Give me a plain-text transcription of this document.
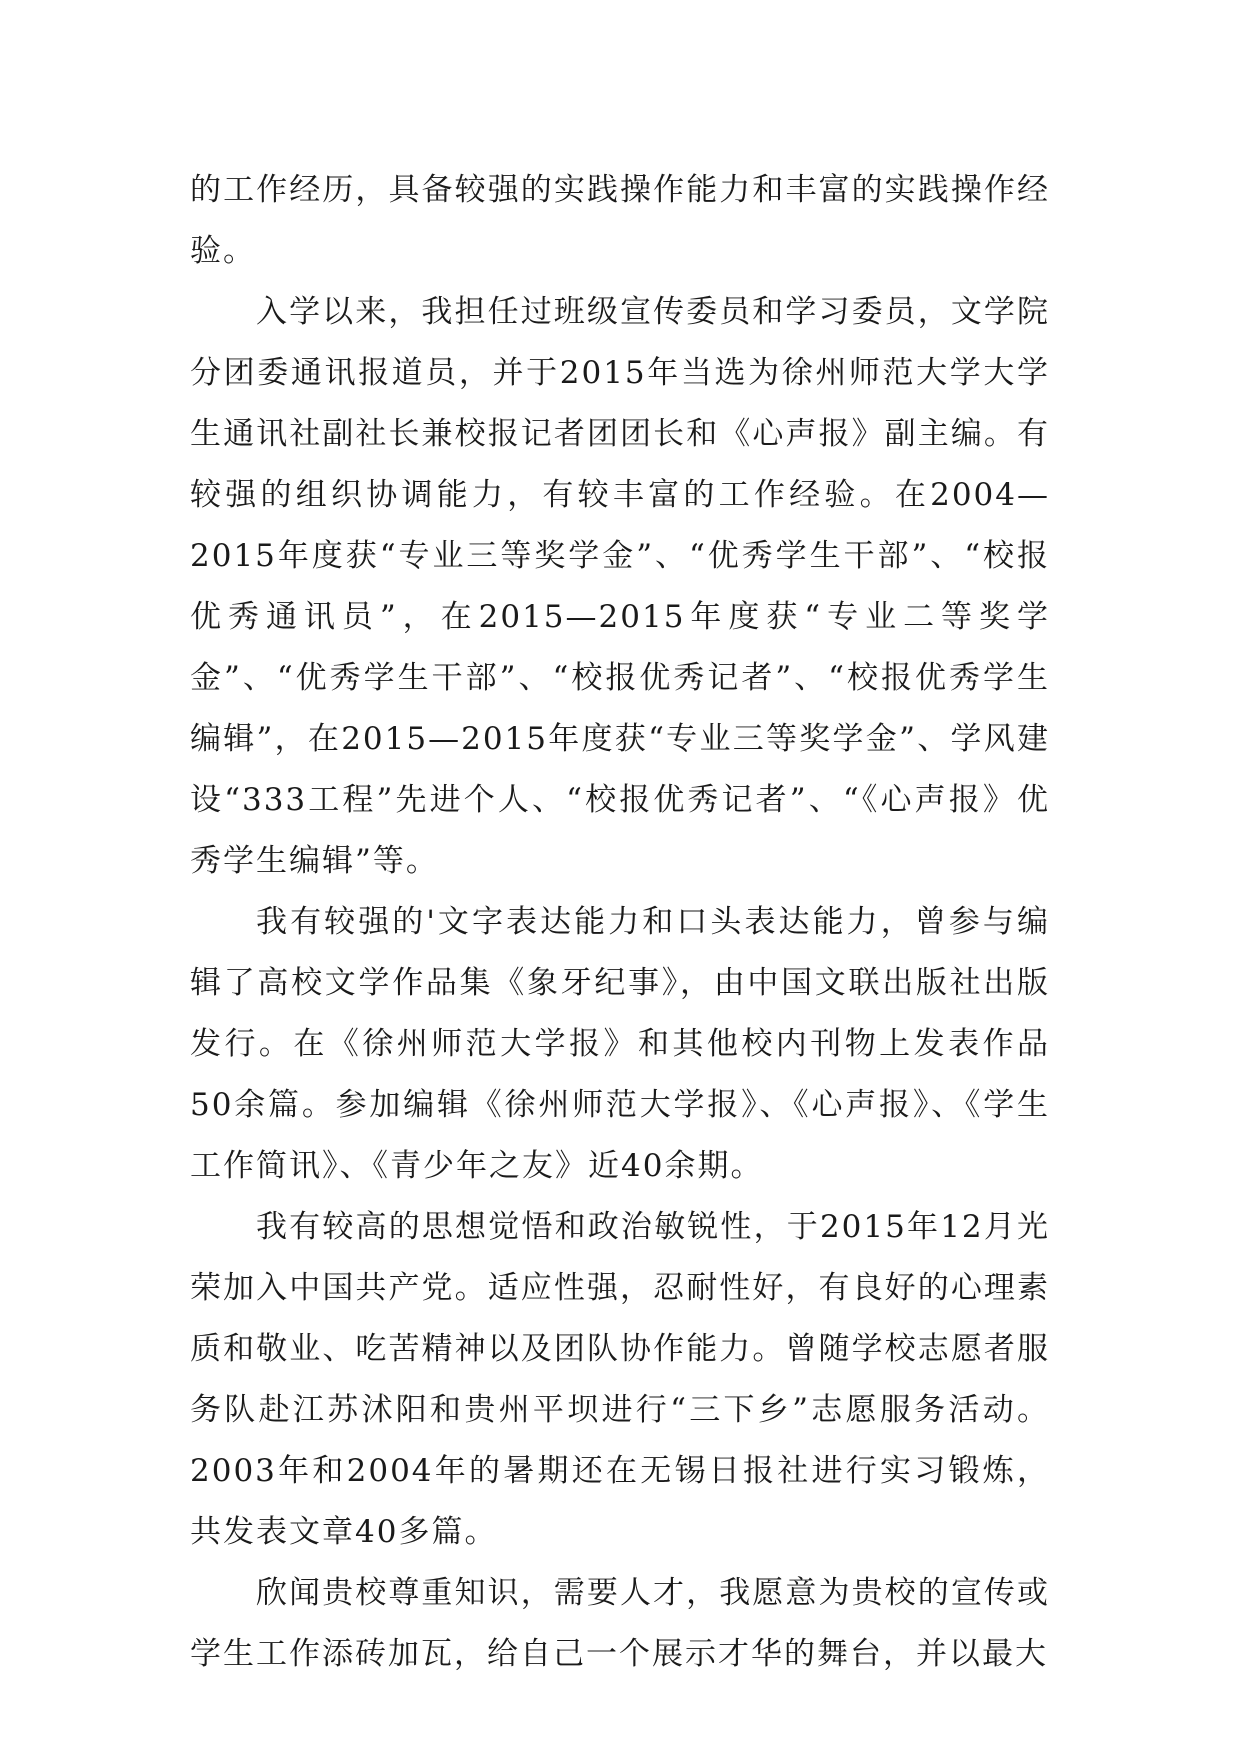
的工作经历，具备较强的实践操作能力和丰富的实践操作经验。

入学以来，我担任过班级宣传委员和学习委员，文学院分团委通讯报道员，并于2015年当选为徐州师范大学大学生通讯社副社长兼校报记者团团长和《心声报》副主编。有较强的组织协调能力，有较丰富的工作经验。在2004—2015年度获“专业三等奖学金”、“优秀学生干部”、“校报优秀通讯员”，在2015—2015年度获“专业二等奖学金”、“优秀学生干部”、“校报优秀记者”、“校报优秀学生编辑”，在2015—2015年度获“专业三等奖学金”、学风建设“333工程”先进个人、“校报优秀记者”、“《心声报》优秀学生编辑”等。

我有较强的'文字表达能力和口头表达能力，曾参与编辑了高校文学作品集《象牙纪事》，由中国文联出版社出版发行。在《徐州师范大学报》和其他校内刊物上发表作品50余篇。参加编辑《徐州师范大学报》、《心声报》、《学生工作简讯》、《青少年之友》近40余期。

我有较高的思想觉悟和政治敏锐性，于2015年12月光荣加入中国共产党。适应性强，忍耐性好，有良好的心理素质和敬业、吃苦精神以及团队协作能力。曾随学校志愿者服务队赴江苏沭阳和贵州平坝进行“三下乡”志愿服务活动。2003年和2004年的暑期还在无锡日报社进行实习锻炼，共发表文章40多篇。

欣闻贵校尊重知识，需要人才，我愿意为贵校的宣传或学生工作添砖加瓦，给自己一个展示才华的舞台，并以最大
